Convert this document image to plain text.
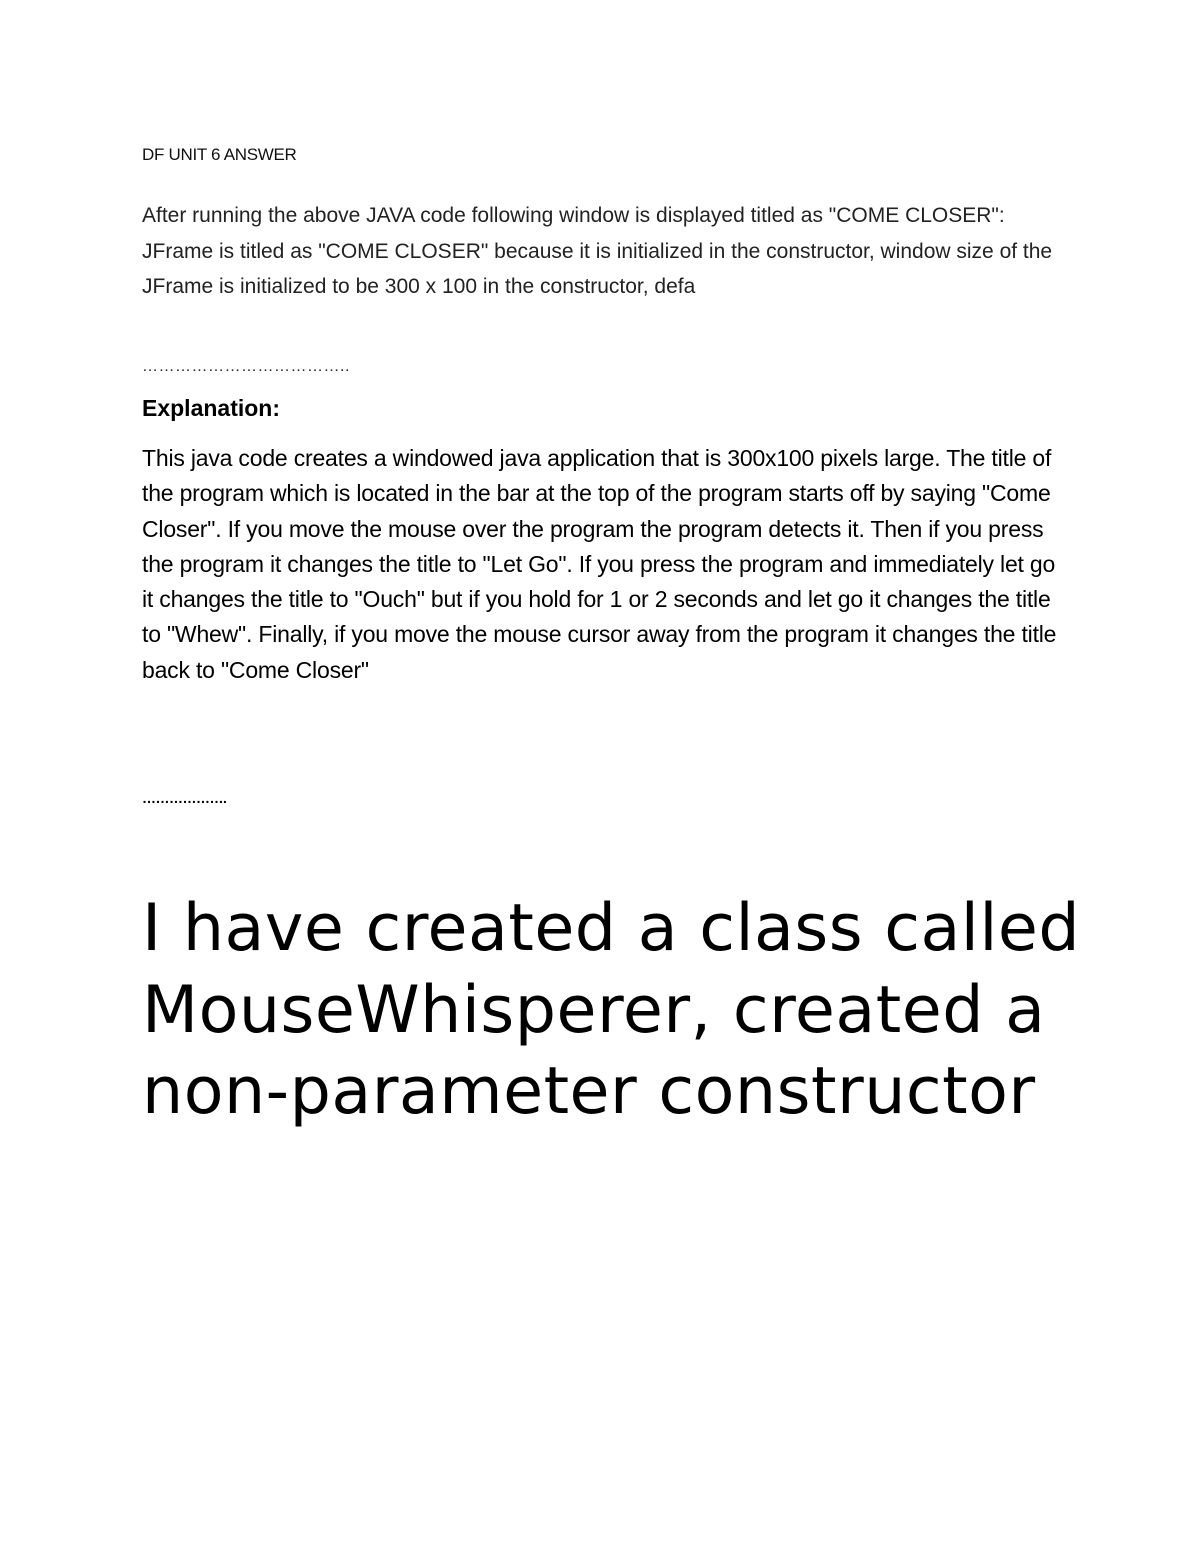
DF UNIT 6 ANSWER
After running the above JAVA code following window is displayed titled as "COME CLOSER": JFrame is titled as "COME CLOSER" because it is initialized in the constructor, window size of the JFrame is initialized to be 300 x 100 in the constructor, defa
………………………………..
Explanation:
This java code creates a windowed java application that is 300x100 pixels large. The title of the program which is located in the bar at the top of the program starts off by saying "Come Closer". If you move the mouse over the program the program detects it. Then if you press the program it changes the title to "Let Go". If you press the program and immediately let go it changes the title to "Ouch" but if you hold for 1 or 2 seconds and let go it changes the title to "Whew". Finally, if you move the mouse cursor away from the program it changes the title back to "Come Closer"
……………….
I have created a class called MouseWhisperer, created a non-parameter constructor
